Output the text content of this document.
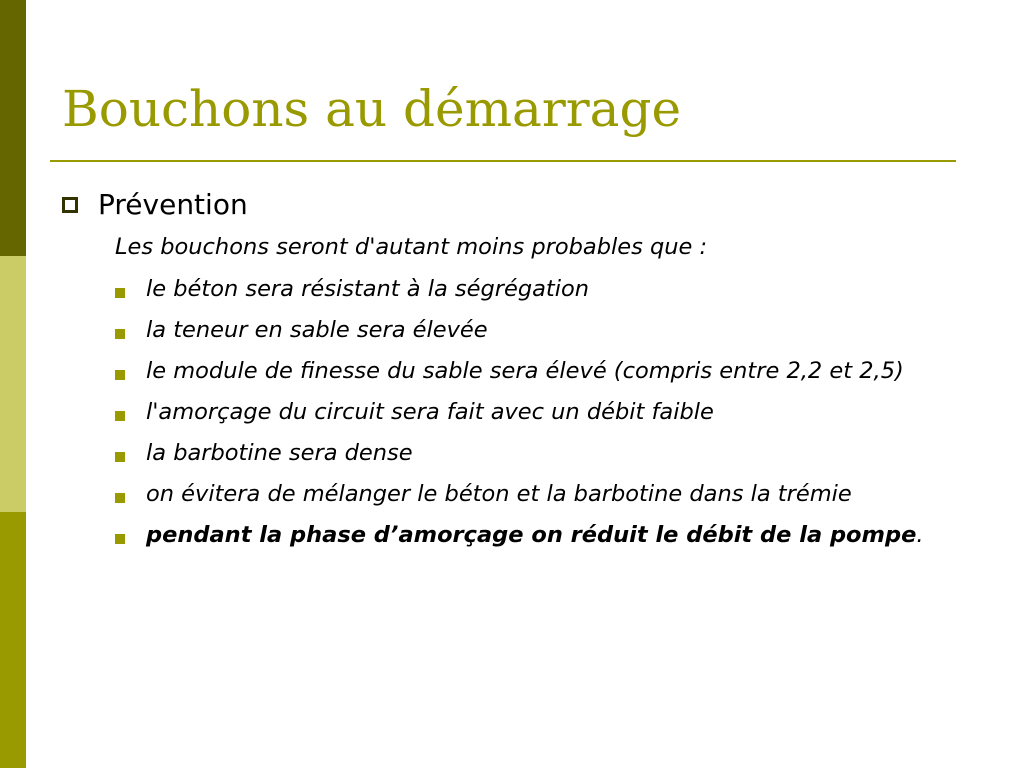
Bouchons au démarrage
Prévention
Les bouchons seront d'autant moins probables que :
le béton sera résistant à la ségrégation
la teneur en sable sera élevée
le module de finesse du sable sera élevé (compris entre 2,2 et 2,5)
l'amorçage du circuit sera fait avec un débit faible
la barbotine sera dense
on évitera de mélanger le béton et la barbotine dans la trémie
pendant la phase d’amorçage on réduit le débit de la pompe.
